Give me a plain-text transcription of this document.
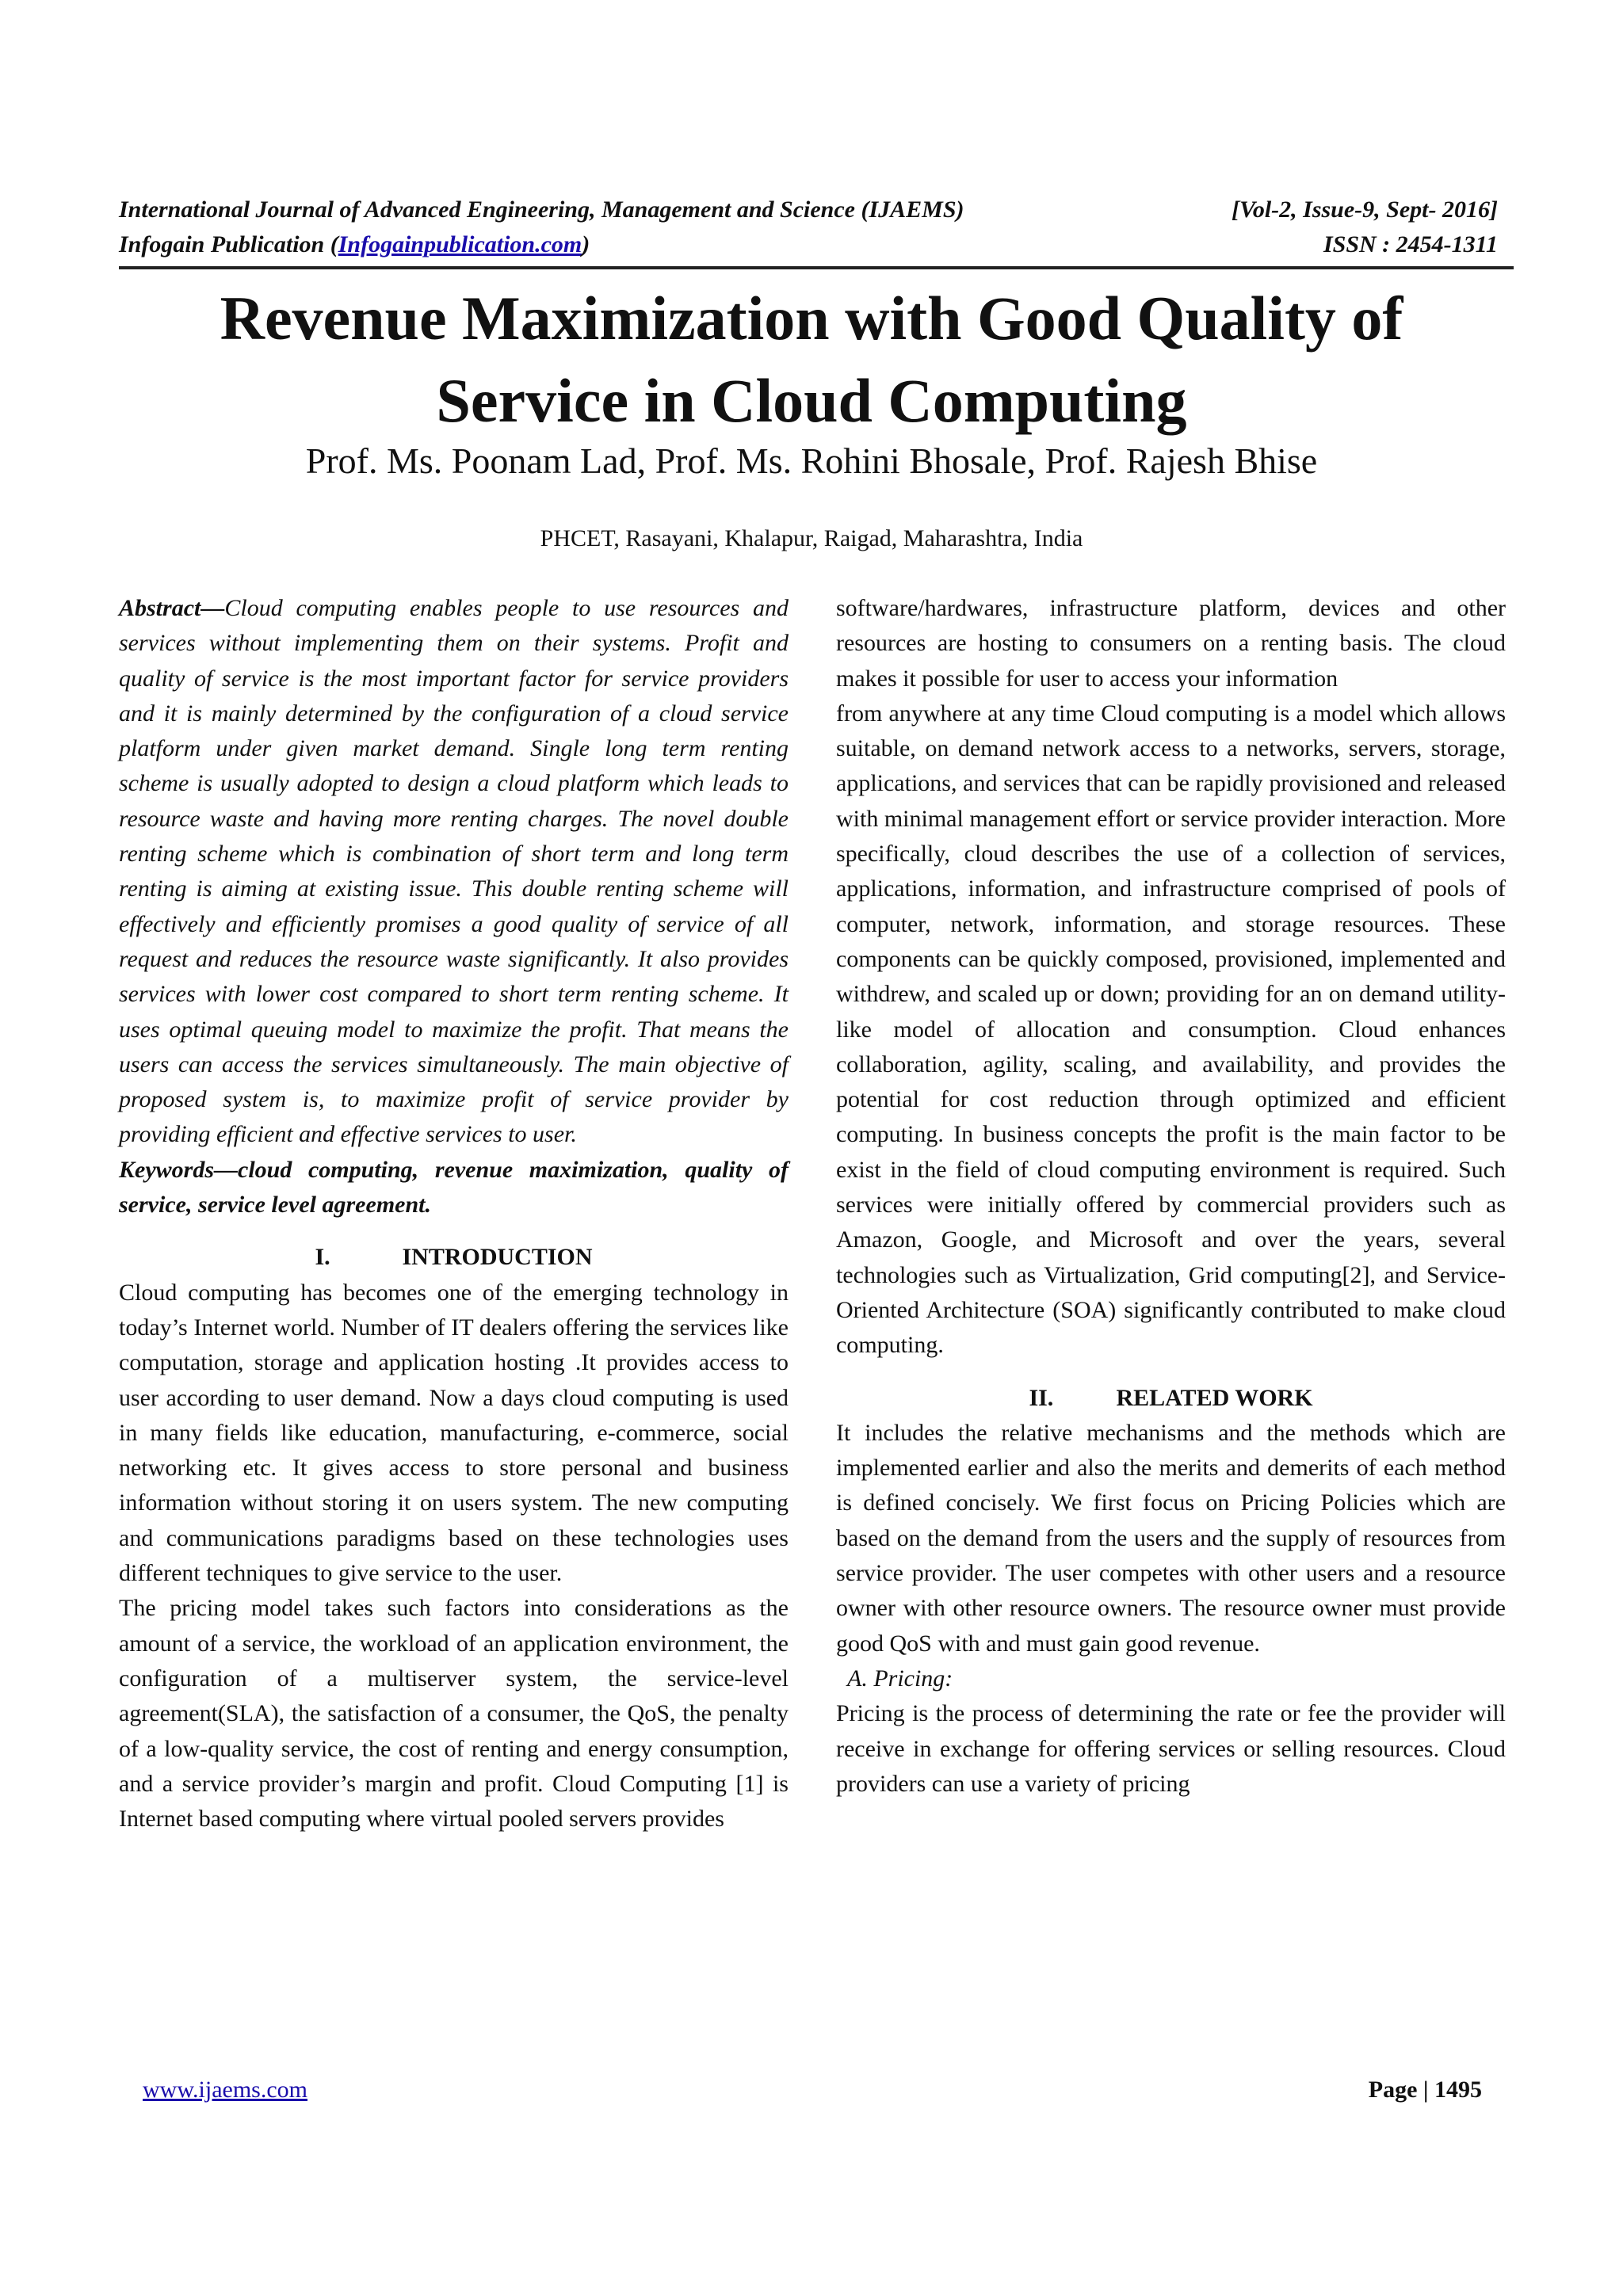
International Journal of Advanced Engineering, Management and Science (IJAEMS)	[Vol-2, Issue-9, Sept- 2016]
Infogain Publication (Infogainpublication.com)	ISSN : 2454-1311
Revenue Maximization with Good Quality of
Service in Cloud Computing
Prof. Ms. Poonam Lad, Prof. Ms. Rohini Bhosale, Prof. Rajesh Bhise
PHCET, Rasayani, Khalapur, Raigad, Maharashtra, India

Abstract—Cloud computing enables people to use resources and services without implementing them on their systems. Profit and quality of service is the most important factor for service providers and it is mainly determined by the configuration of a cloud service platform under given market demand. Single long term renting scheme is usually adopted to design a cloud platform which leads to resource waste and having more renting charges. The novel double renting scheme which is combination of short term and long term renting is aiming at existing issue. This double renting scheme will effectively and efficiently promises a good quality of service of all request and reduces the resource waste significantly. It also provides services with lower cost compared to short term renting scheme. It uses optimal queuing model to maximize the profit. That means the users can access the services simultaneously. The main objective of proposed system is, to maximize profit of service provider by providing efficient and effective services to user.

Keywords—cloud computing, revenue maximization, quality of service, service level agreement.

I.	INTRODUCTION

Cloud computing has becomes one of the emerging technology in today’s Internet world. Number of IT dealers offering the services like computation, storage and application hosting .It provides access to user according to user demand. Now a days cloud computing is used in many fields like education, manufacturing, e-commerce, social networking etc. It gives access to store personal and business information without storing it on users system. The new computing and communications paradigms based on these technologies uses different techniques to give service to the user.

The pricing model takes such factors into considerations as the amount of a service, the workload of an application environment, the configuration of a multiserver system, the service-level agreement(SLA), the satisfaction of a consumer, the QoS, the penalty of a low-quality service, the cost of renting and energy consumption, and a service provider’s margin and profit. Cloud Computing [1] is Internet based computing where virtual pooled servers provides

software/hardwares, infrastructure platform, devices and other resources are hosting to consumers on a renting basis. The cloud makes it possible for user to access your information

from anywhere at any time Cloud computing is a model which allows suitable, on demand network access to a networks, servers, storage, applications, and services that can be rapidly provisioned and released with minimal management effort or service provider interaction. More specifically, cloud describes the use of a collection of services, applications, information, and infrastructure comprised of pools of computer, network, information, and storage resources. These components can be quickly composed, provisioned, implemented and withdrew, and scaled up or down; providing for an on demand utility-like model of allocation and consumption. Cloud enhances collaboration, agility, scaling, and availability, and provides the potential for cost reduction through optimized and efficient computing. In business concepts the profit is the main factor to be exist in the field of cloud computing environment is required. Such services were initially offered by commercial providers such as Amazon, Google, and Microsoft and over the years, several technologies such as Virtualization, Grid computing[2], and Service-Oriented Architecture (SOA) significantly contributed to make cloud computing.

II.	RELATED WORK

It includes the relative mechanisms and the methods which are implemented earlier and also the merits and demerits of each method is defined concisely. We first focus on Pricing Policies which are based on the demand from the users and the supply of resources from service provider. The user competes with other users and a resource owner with other resource owners. The resource owner must provide good QoS with and must gain good revenue.

A. Pricing:

Pricing is the process of determining the rate or fee the provider will receive in exchange for offering services or selling resources. Cloud providers can use a variety of pricing

www.ijaems.com	Page | 1495
